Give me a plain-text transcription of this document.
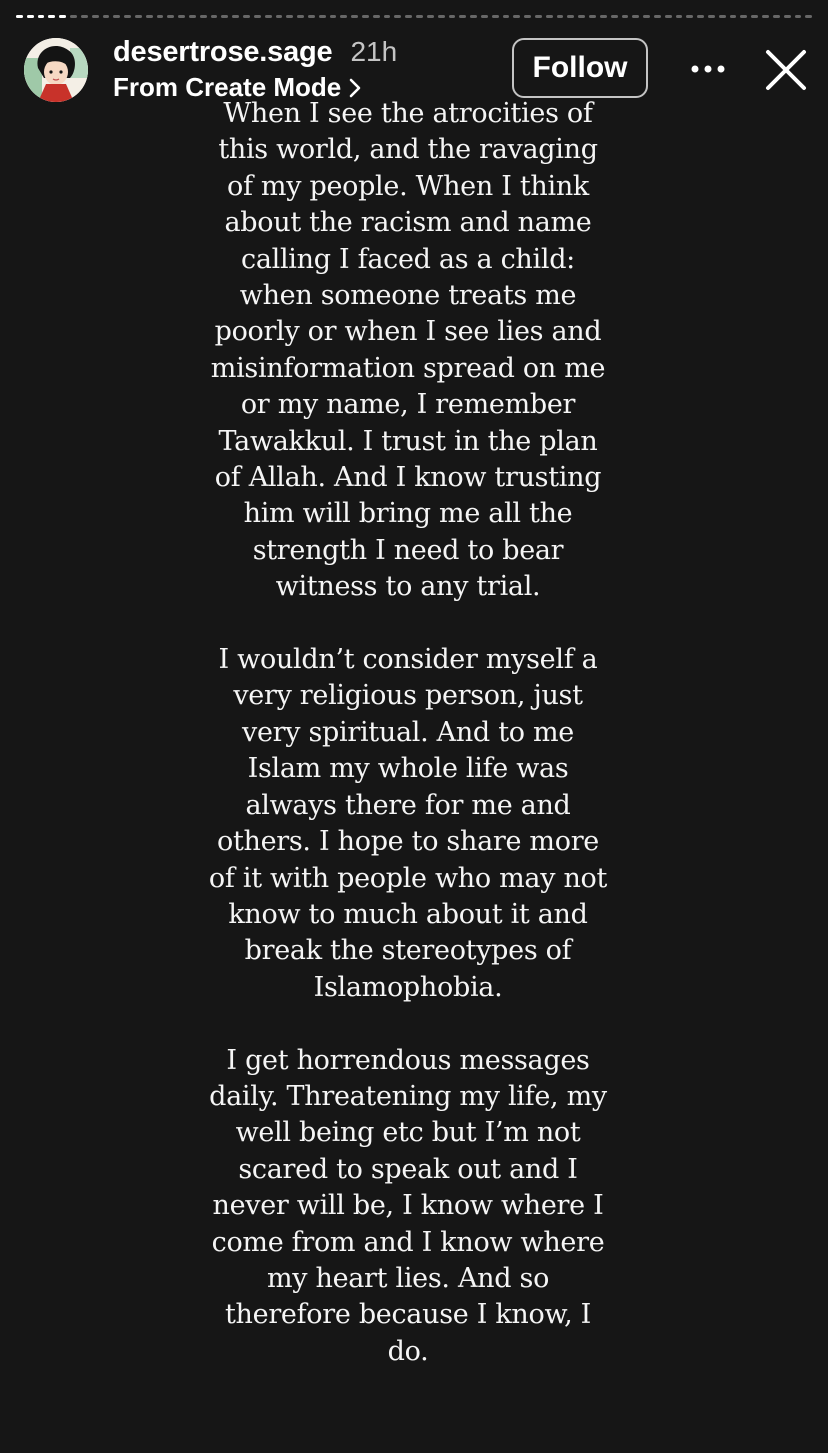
desertrose.sage 21h
From Create Mode
Follow

When I see the atrocities of
this world, and the ravaging
of my people. When I think
about the racism and name
calling I faced as a child:
when someone treats me
poorly or when I see lies and
misinformation spread on me
or my name, I remember
Tawakkul. I trust in the plan
of Allah. And I know trusting
him will bring me all the
strength I need to bear
witness to any trial.

I wouldn’t consider myself a
very religious person, just
very spiritual. And to me
Islam my whole life was
always there for me and
others. I hope to share more
of it with people who may not
know to much about it and
break the stereotypes of
Islamophobia.

I get horrendous messages
daily. Threatening my life, my
well being etc but I’m not
scared to speak out and I
never will be, I know where I
come from and I know where
my heart lies. And so
therefore because I know, I
do.
